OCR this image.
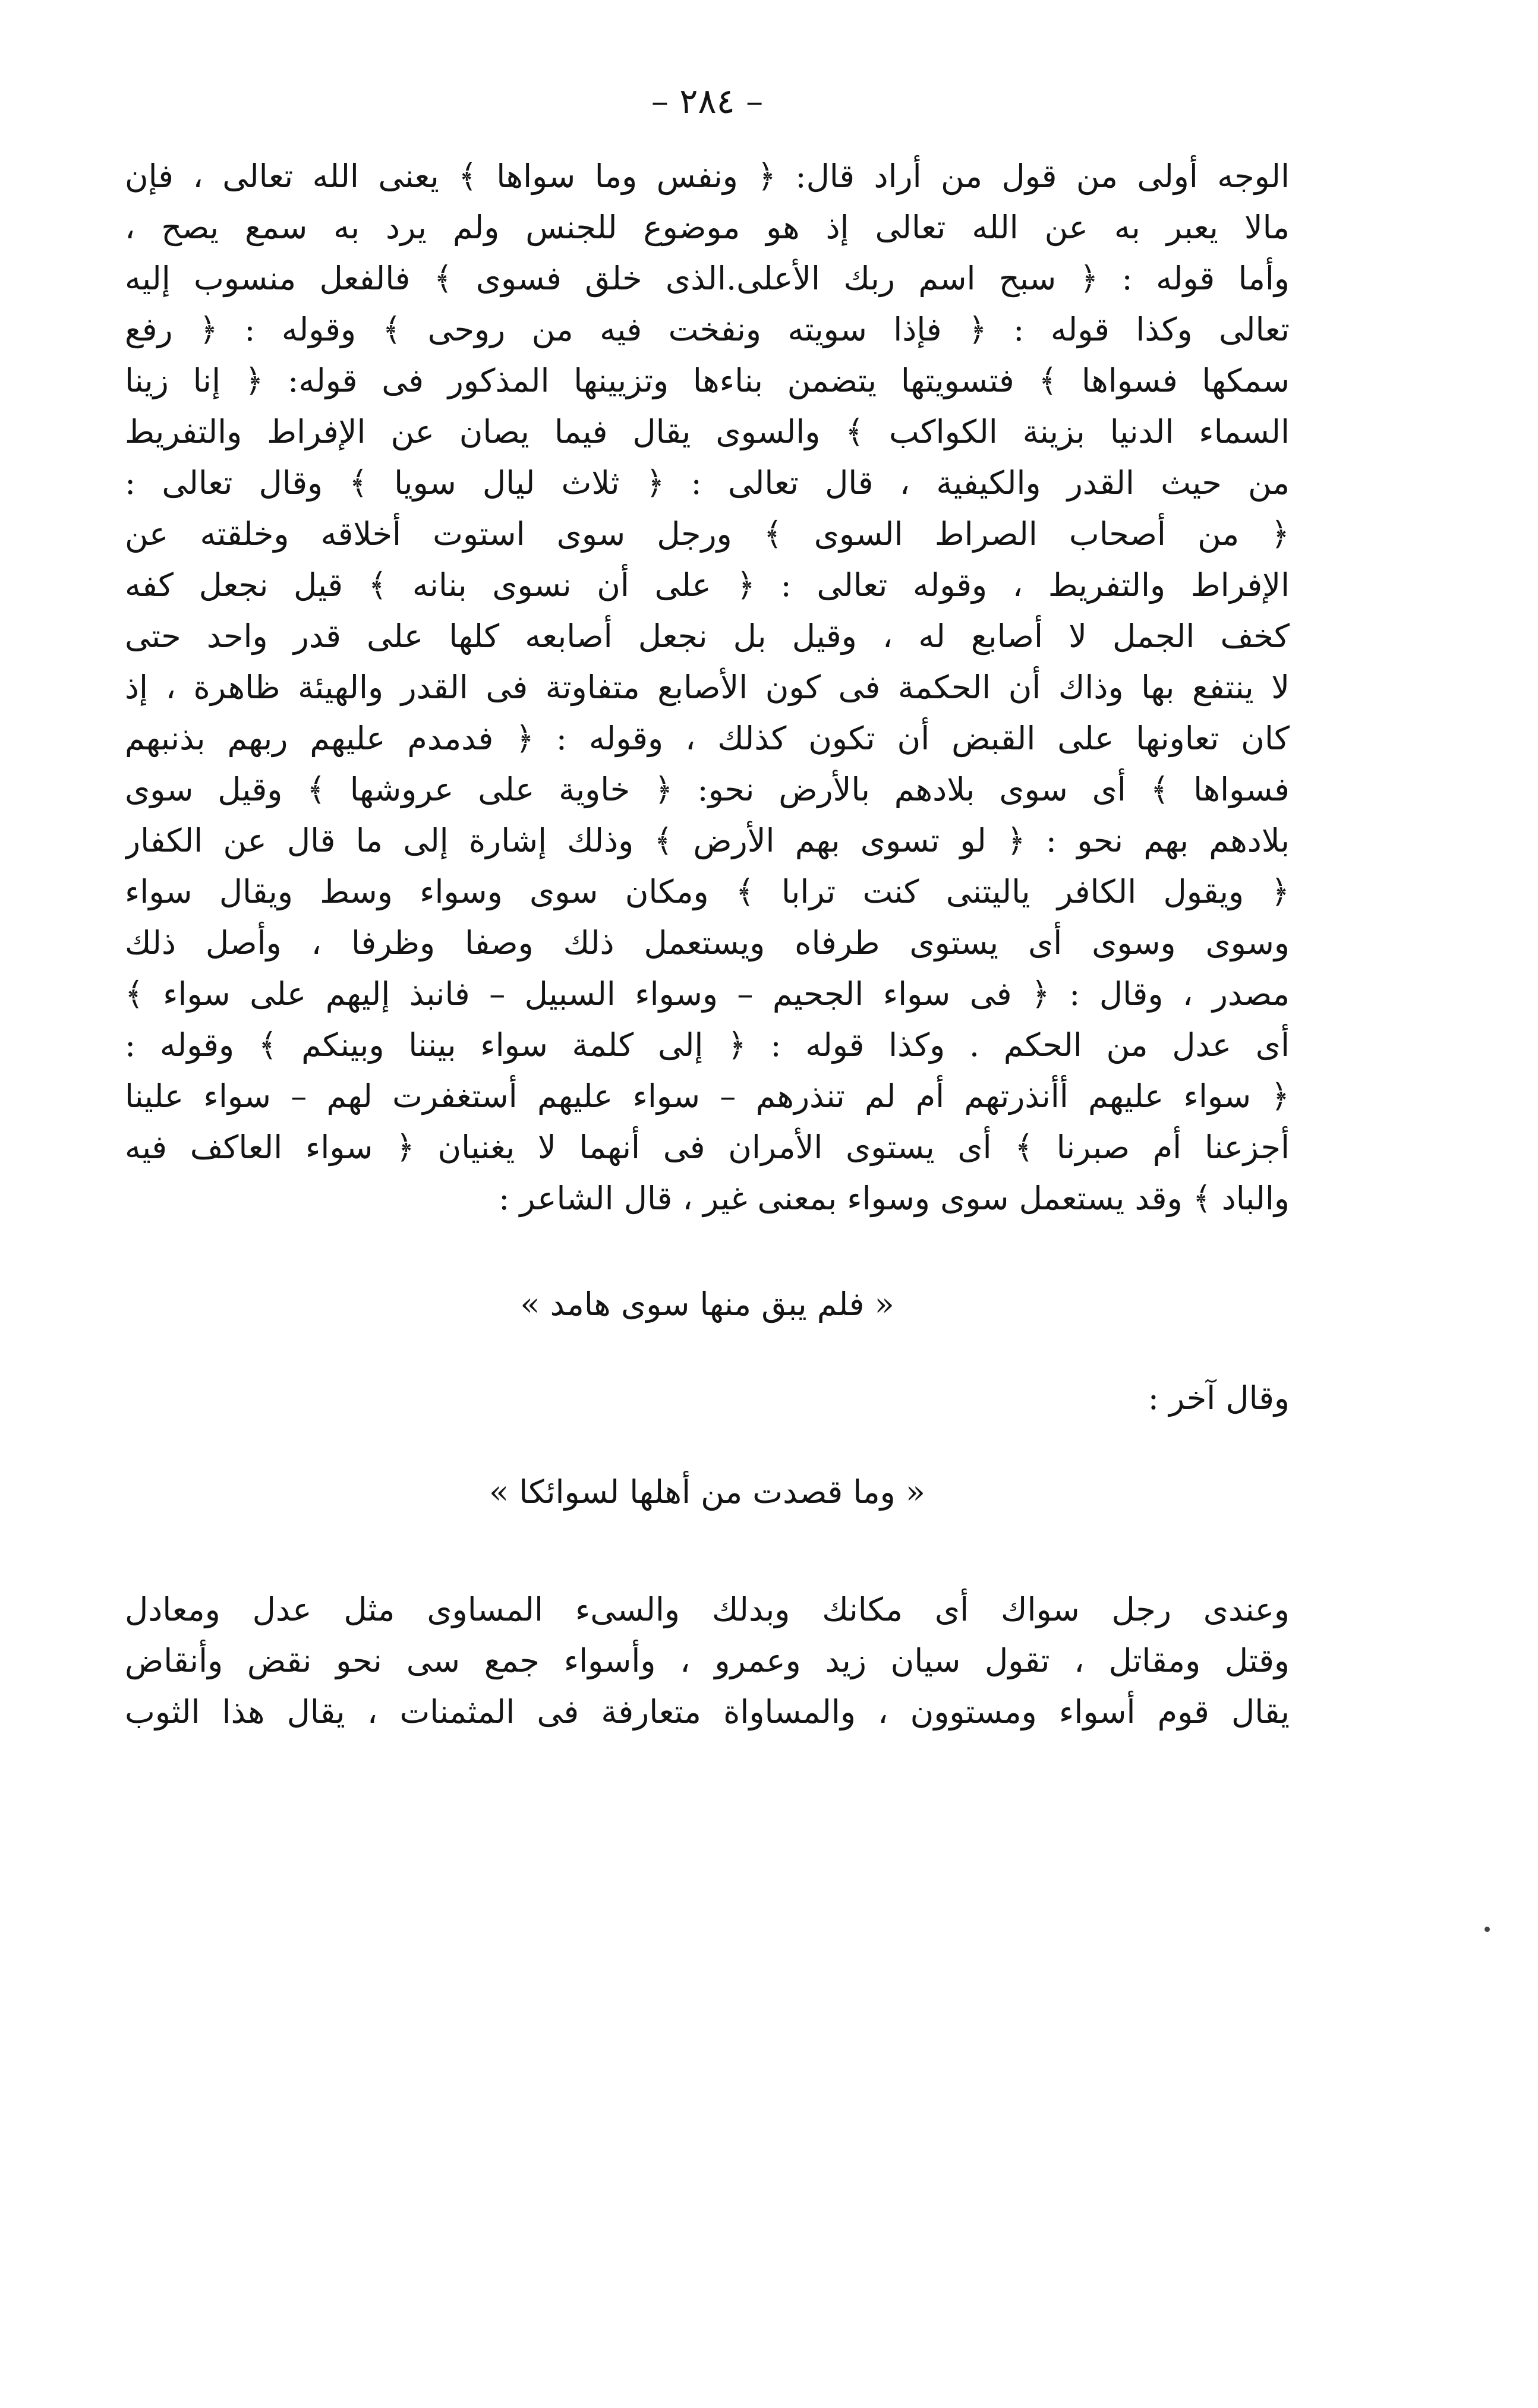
– ٢٨٤ –
الوجه أولى من قول من أراد قال: ﴿ ونفس وما سواها ﴾ يعنى الله تعالى ، فإن
مالا يعبر به عن الله تعالى إذ هو موضوع للجنس ولم يرد به سمع يصح ،
وأما قوله : ﴿ سبح اسم ربك الأعلى.الذى خلق فسوى ﴾ فالفعل منسوب إليه
تعالى وكذا قوله : ﴿ فإذا سويته ونفخت فيه من روحى ﴾ وقوله : ﴿ رفع
سمكها فسواها ﴾ فتسويتها يتضمن بناءها وتزيينها المذكور فى قوله: ﴿ إنا زينا
السماء الدنيا بزينة الكواكب ﴾ والسوى يقال فيما يصان عن الإفراط والتفريط
من حيث القدر والكيفية ، قال تعالى : ﴿ ثلاث ليال سويا ﴾ وقال تعالى :
﴿ من أصحاب الصراط السوى ﴾ ورجل سوى استوت أخلاقه وخلقته عن
الإفراط والتفريط ، وقوله تعالى : ﴿ على أن نسوى بنانه ﴾ قيل نجعل كفه
كخف الجمل لا أصابع له ، وقيل بل نجعل أصابعه كلها على قدر واحد حتى
لا ينتفع بها وذاك أن الحكمة فى كون الأصابع متفاوتة فى القدر والهيئة ظاهرة ، إذ
كان تعاونها على القبض أن تكون كذلك ، وقوله : ﴿ فدمدم عليهم ربهم بذنبهم
فسواها ﴾ أى سوى بلادهم بالأرض نحو: ﴿ خاوية على عروشها ﴾ وقيل سوى
بلادهم بهم نحو : ﴿ لو تسوى بهم الأرض ﴾ وذلك إشارة إلى ما قال عن الكفار
﴿ ويقول الكافر ياليتنى كنت ترابا ﴾ ومكان سوى وسواء وسط ويقال سواء
وسوى وسوى أى يستوى طرفاه ويستعمل ذلك وصفا وظرفا ، وأصل ذلك
مصدر ، وقال : ﴿ فى سواء الجحيم – وسواء السبيل – فانبذ إليهم على سواء ﴾
أى عدل من الحكم . وكذا قوله : ﴿ إلى كلمة سواء بيننا وبينكم ﴾ وقوله :
﴿ سواء عليهم أأنذرتهم أم لم تنذرهم – سواء عليهم أستغفرت لهم – سواء علينا
أجزعنا أم صبرنا ﴾ أى يستوى الأمران فى أنهما لا يغنيان ﴿ سواء العاكف فيه
والباد ﴾ وقد يستعمل سوى وسواء بمعنى غير ، قال الشاعر :
« فلم يبق منها سوى هامد »
وقال آخر :
« وما قصدت من أهلها لسوائكا »
وعندى رجل سواك أى مكانك وبدلك والسىء المساوى مثل عدل ومعادل
وقتل ومقاتل ، تقول سيان زيد وعمرو ، وأسواء جمع سى نحو نقض وأنقاض
يقال قوم أسواء ومستوون ، والمساواة متعارفة فى المثمنات ، يقال هذا الثوب
